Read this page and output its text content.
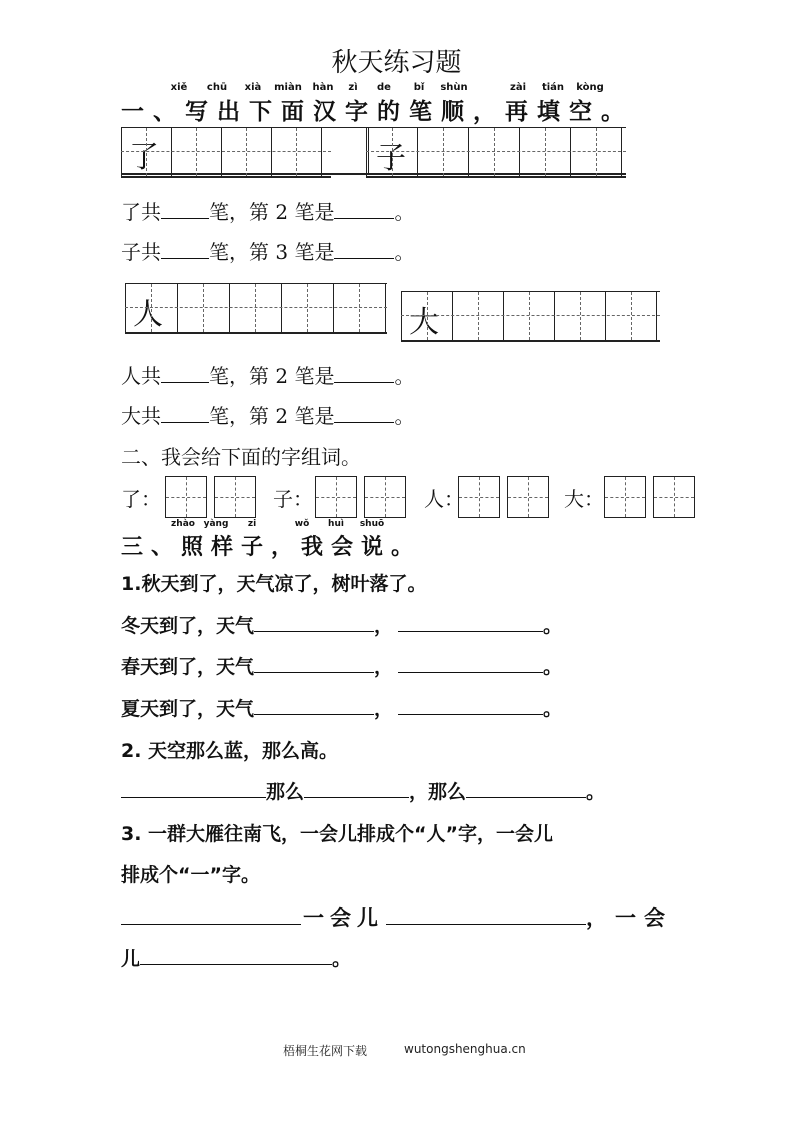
秋天练习题
xiě	chū	xià	miàn	hàn	zì	de	bǐ	shùn	zài	tián	kòng
一、写出下面汉字的笔顺，再填空。
了	子
了共 笔，第 2 笔是	。
子共 笔，第 3 笔是	。
人	大
人共 笔，第 2 笔是	。
大共 笔，第 2 笔是	。
二、我会给下面的字组词。
了：	子：	人：	大：
zhào yàng	zi	wǒ	huì	shuō
三、照样子，我会说。
1.秋天到了，天气凉了，树叶落了。
冬天到了，天气	，	。
春天到了，天气	，	。
夏天到了，天气	，	。
2. 天空那么蓝，那么高。
那么	，那么	。
3. 一群大雁往南飞，一会儿排成个“人”字，一会儿
排成个“一”字。
一会儿	，一会
儿	。
梧桐生花网下载	wutongshenghua.cn
